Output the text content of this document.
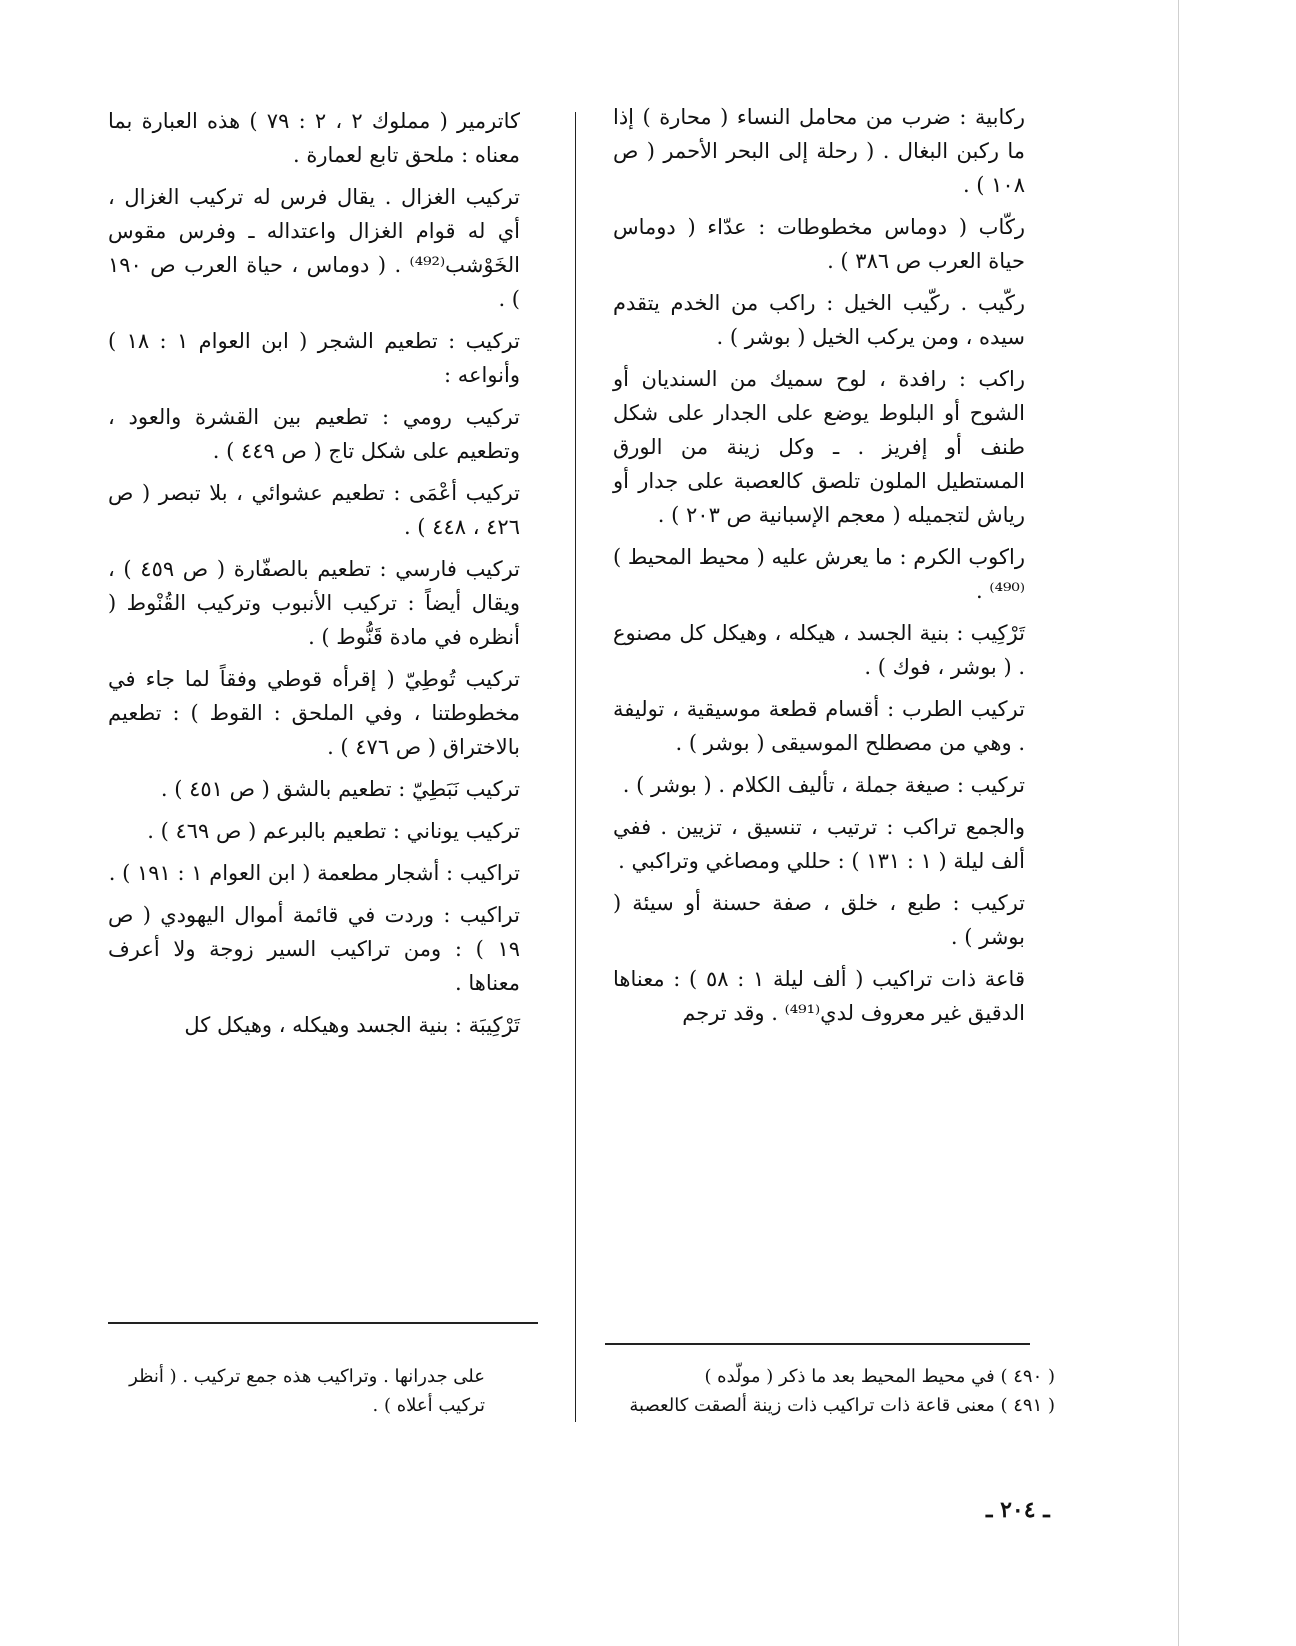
ركابية : ضرب من محامل النساء ( محارة ) إذا ما ركبن البغال . ( رحلة إلى البحر الأحمر ( ص ١٠٨ ) .

ركّاب ( دوماس مخطوطات : عدّاء ( دوماس حياة العرب ص ٣٨٦ ) .

ركّيب . ركّيب الخيل : راكب من الخدم يتقدم سيده ، ومن يركب الخيل ( بوشر ) .

راكب : رافدة ، لوح سميك من السنديان أو الشوح أو البلوط يوضع على الجدار على شكل طنف أو إفريز . ـ وكل زينة من الورق المستطيل الملون تلصق كالعصبة على جدار أو رياش لتجميله ( معجم الإسبانية ص ٢٠٣ ) .

راكوب الكرم : ما يعرش عليه ( محيط المحيط )⁽⁴⁹⁰⁾ .

تَرْكِيب : بنية الجسد ، هيكله ، وهيكل كل مصنوع . ( بوشر ، فوك ) .

تركيب الطرب : أقسام قطعة موسيقية ، توليفة . وهي من مصطلح الموسيقى ( بوشر ) .

تركيب : صيغة جملة ، تأليف الكلام . ( بوشر ) .

والجمع تراكب : ترتيب ، تنسيق ، تزيين . ففي ألف ليلة ( ١ : ١٣١ ) : حللي ومصاغي وتراكبي .

تركيب : طبع ، خلق ، صفة حسنة أو سيئة ( بوشر ) .

قاعة ذات تراكيب ( ألف ليلة ١ : ٥٨ ) : معناها الدقيق غير معروف لدي⁽⁴⁹¹⁾ . وقد ترجم

كاترمير ( مملوك ٢ ، ٢ : ٧٩ ) هذه العبارة بما معناه : ملحق تابع لعمارة .

تركيب الغزال . يقال فرس له تركيب الغزال ، أي له قوام الغزال واعتداله ـ وفرس مقوس الخَوْشب⁽⁴⁹²⁾ . ( دوماس ، حياة العرب ص ١٩٠ ) .

تركيب : تطعيم الشجر ( ابن العوام ١ : ١٨ ) وأنواعه :

تركيب رومي : تطعيم بين القشرة والعود ، وتطعيم على شكل تاج ( ص ٤٤٩ ) .

تركيب أعْمَى : تطعيم عشوائي ، بلا تبصر ( ص ٤٢٦ ، ٤٤٨ ) .

تركيب فارسي : تطعيم بالصفّارة ( ص ٤٥٩ ) ، ويقال أيضاً : تركيب الأنبوب وتركيب القُنْوط ( أنظره في مادة قَنُّوط ) .

تركيب تُوطِيّ ( إقرأه قوطي وفقاً لما جاء في مخطوطتنا ، وفي الملحق : القوط ) : تطعيم بالاختراق ( ص ٤٧٦ ) .

تركيب نَبَطِيّ : تطعيم بالشق ( ص ٤٥١ ) .

تركيب يوناني : تطعيم بالبرعم ( ص ٤٦٩ ) .

تراكيب : أشجار مطعمة ( ابن العوام ١ : ١٩١ ) .

تراكيب : وردت في قائمة أموال اليهودي ( ص ١٩ ) : ومن تراكيب السير زوجة ولا أعرف معناها .

تَرْكِيبَة : بنية الجسد وهيكله ، وهيكل كل

على جدرانها . وتراكيب هذه جمع تركيب . ( أنظر تركيب أعلاه ) .
( ٤٩٠ ) في محيط المحيط بعد ما ذكر ( مولّده )
( ٤٩١ ) معنى قاعة ذات تراكيب ذات زينة ألصقت كالعصبة
ـ ٢٠٤ ـ
